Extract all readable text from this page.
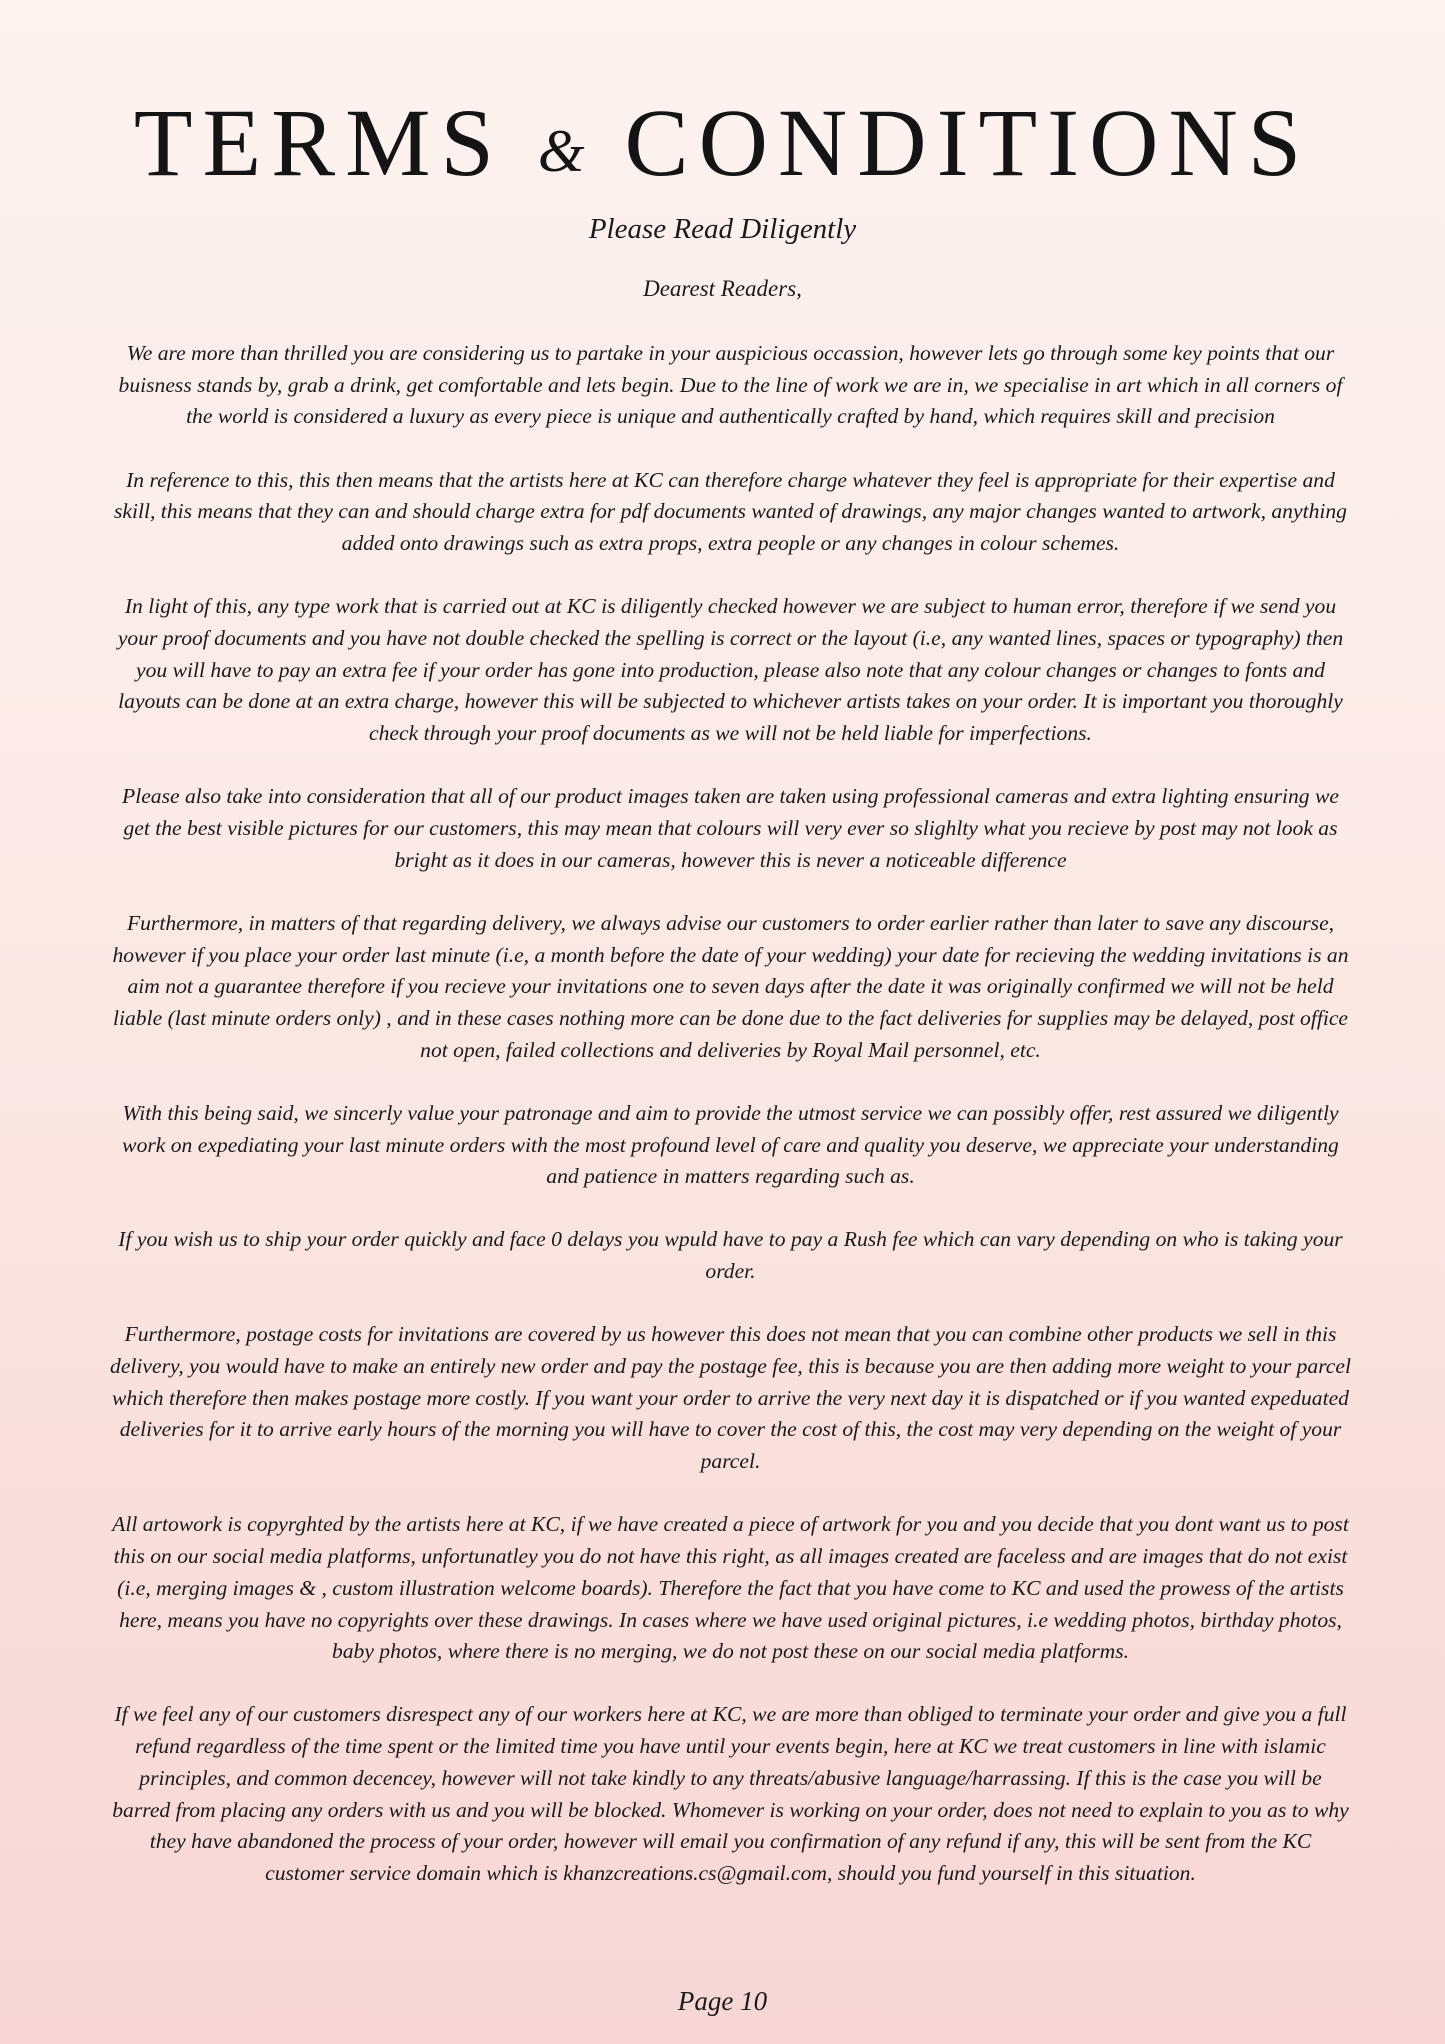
TERMS & CONDITIONS
Please Read Diligently
Dearest Readers,

We are more than thrilled you are considering us to partake in your auspicious occassion, however lets go through some key points that our buisness stands by, grab a drink, get comfortable and lets begin. Due to the line of work we are in, we specialise in art which in all corners of the world is considered a luxury as every piece is unique and authentically crafted by hand, which requires skill and precision

In reference to this, this then means that the artists here at KC can therefore charge whatever they feel is appropriate for their expertise and skill, this means that they can and should charge extra for pdf documents wanted of drawings, any major changes wanted to artwork, anything added onto drawings such as extra props, extra people or any changes in colour schemes.

In light of this, any type work that is carried out at KC is diligently checked however we are subject to human error, therefore if we send you your proof documents and you have not double checked the spelling is correct or the layout (i.e, any wanted lines, spaces or typography) then you will have to pay an extra fee if your order has gone into production, please also note that any colour changes or changes to fonts and layouts can be done at an extra charge, however this will be subjected to whichever artists takes on your order. It is important you thoroughly check through your proof documents as we will not be held liable for imperfections.

Please also take into consideration that all of our product images taken are taken using professional cameras and extra lighting ensuring we get the best visible pictures for our customers, this may mean that colours will very ever so slighlty what you recieve by post may not look as bright as it does in our cameras, however this is never a noticeable difference

Furthermore, in matters of that regarding delivery, we always advise our customers to order earlier rather than later to save any discourse, however if you place your order last minute (i.e, a month before the date of your wedding) your date for recieving the wedding invitations is an aim not a guarantee therefore if you recieve your invitations one to seven days after the date it was originally confirmed we will not be held liable (last minute orders only) , and in these cases nothing more can be done due to the fact deliveries for supplies may be delayed, post office not open, failed collections and deliveries by Royal Mail personnel, etc.

With this being said, we sincerly value your patronage and aim to provide the utmost service we can possibly offer, rest assured we diligently work on expediating your last minute orders with the most profound level of care and quality you deserve, we appreciate your understanding and patience in matters regarding such as.

If you wish us to ship your order quickly and face 0 delays you wpuld have to pay a Rush fee which can vary depending on who is taking your order.

Furthermore, postage costs for invitations are covered by us however this does not mean that you can combine other products we sell in this delivery, you would have to make an entirely new order and pay the postage fee, this is because you are then adding more weight to your parcel which therefore then makes postage more costly. If you want your order to arrive the very next day it is dispatched or if you wanted expeduated deliveries for it to arrive early hours of the morning you will have to cover the cost of this, the cost may very depending on the weight of your parcel.

All artowork is copyrghted by the artists here at KC, if we have created a piece of artwork for you and you decide that you dont want us to post this on our social media platforms, unfortunatley you do not have this right, as all images created are faceless and are images that do not exist (i.e, merging images & , custom illustration welcome boards). Therefore the fact that you have come to KC and used the prowess of the artists here, means you have no copyrights over these drawings. In cases where we have used original pictures, i.e wedding photos, birthday photos, baby photos, where there is no merging, we do not post these on our social media platforms.

If we feel any of our customers disrespect any of our workers here at KC, we are more than obliged to terminate your order and give you a full refund regardless of the time spent or the limited time you have until your events begin, here at KC we treat customers in line with islamic principles, and common decencey, however will not take kindly to any threats/abusive language/harrassing. If this is the case you will be barred from placing any orders with us and you will be blocked. Whomever is working on your order, does not need to explain to you as to why they have abandoned the process of your order, however will email you confirmation of any refund if any, this will be sent from the KC customer service domain which is khanzcreations.cs@gmail.com, should you fund yourself in this situation.

Page 10
